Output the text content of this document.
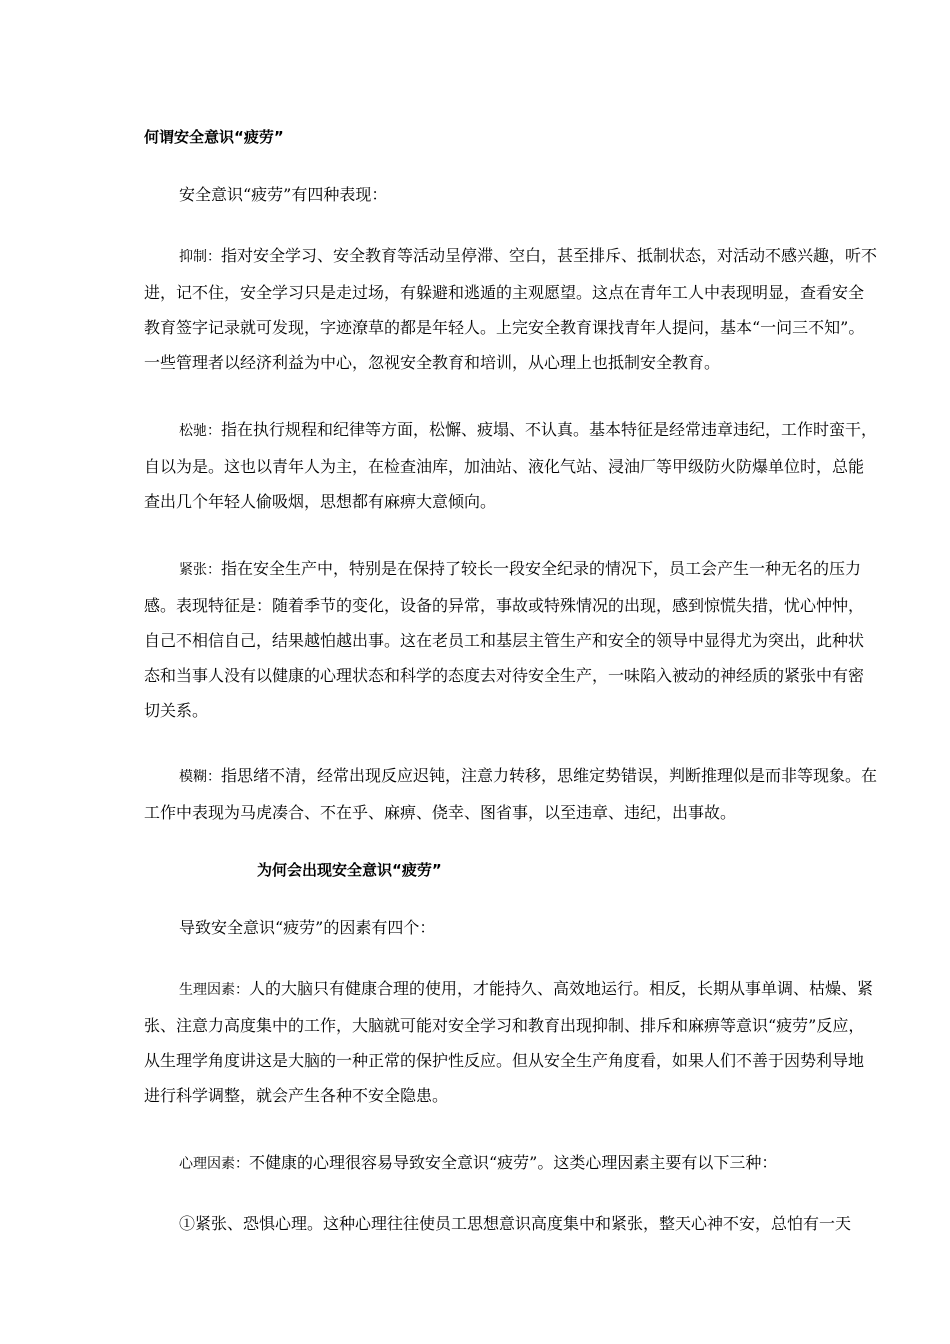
何谓安全意识“疲劳”

安全意识“疲劳”有四种表现：

抑制：指对安全学习、安全教育等活动呈停滞、空白，甚至排斥、抵制状态，对活动不感兴趣，听不进，记不住，安全学习只是走过场，有躲避和逃遁的主观愿望。这点在青年工人中表现明显，查看安全教育签字记录就可发现，字迹潦草的都是年轻人。上完安全教育课找青年人提问，基本“一问三不知”。一些管理者以经济利益为中心，忽视安全教育和培训，从心理上也抵制安全教育。

松驰：指在执行规程和纪律等方面，松懈、疲塌、不认真。基本特征是经常违章违纪，工作时蛮干，自以为是。这也以青年人为主，在检查油库，加油站、液化气站、浸油厂等甲级防火防爆单位时，总能查出几个年轻人偷吸烟，思想都有麻痹大意倾向。

紧张：指在安全生产中，特别是在保持了较长一段安全纪录的情况下，员工会产生一种无名的压力感。表现特征是：随着季节的变化，设备的异常，事故或特殊情况的出现，感到惊慌失措，忧心忡忡，自己不相信自己，结果越怕越出事。这在老员工和基层主管生产和安全的领导中显得尤为突出，此种状态和当事人没有以健康的心理状态和科学的态度去对待安全生产，一味陷入被动的神经质的紧张中有密切关系。

模糊：指思绪不清，经常出现反应迟钝，注意力转移，思维定势错误，判断推理似是而非等现象。在工作中表现为马虎凑合、不在乎、麻痹、侥幸、图省事，以至违章、违纪，出事故。

为何会出现安全意识“疲劳”

导致安全意识“疲劳”的因素有四个：

生理因素：人的大脑只有健康合理的使用，才能持久、高效地运行。相反，长期从事单调、枯燥、紧张、注意力高度集中的工作，大脑就可能对安全学习和教育出现抑制、排斥和麻痹等意识“疲劳”反应，从生理学角度讲这是大脑的一种正常的保护性反应。但从安全生产角度看，如果人们不善于因势利导地进行科学调整，就会产生各种不安全隐患。

心理因素：不健康的心理很容易导致安全意识“疲劳”。这类心理因素主要有以下三种：

①紧张、恐惧心理。这种心理往往使员工思想意识高度集中和紧张，整天心神不安，总怕有一天
